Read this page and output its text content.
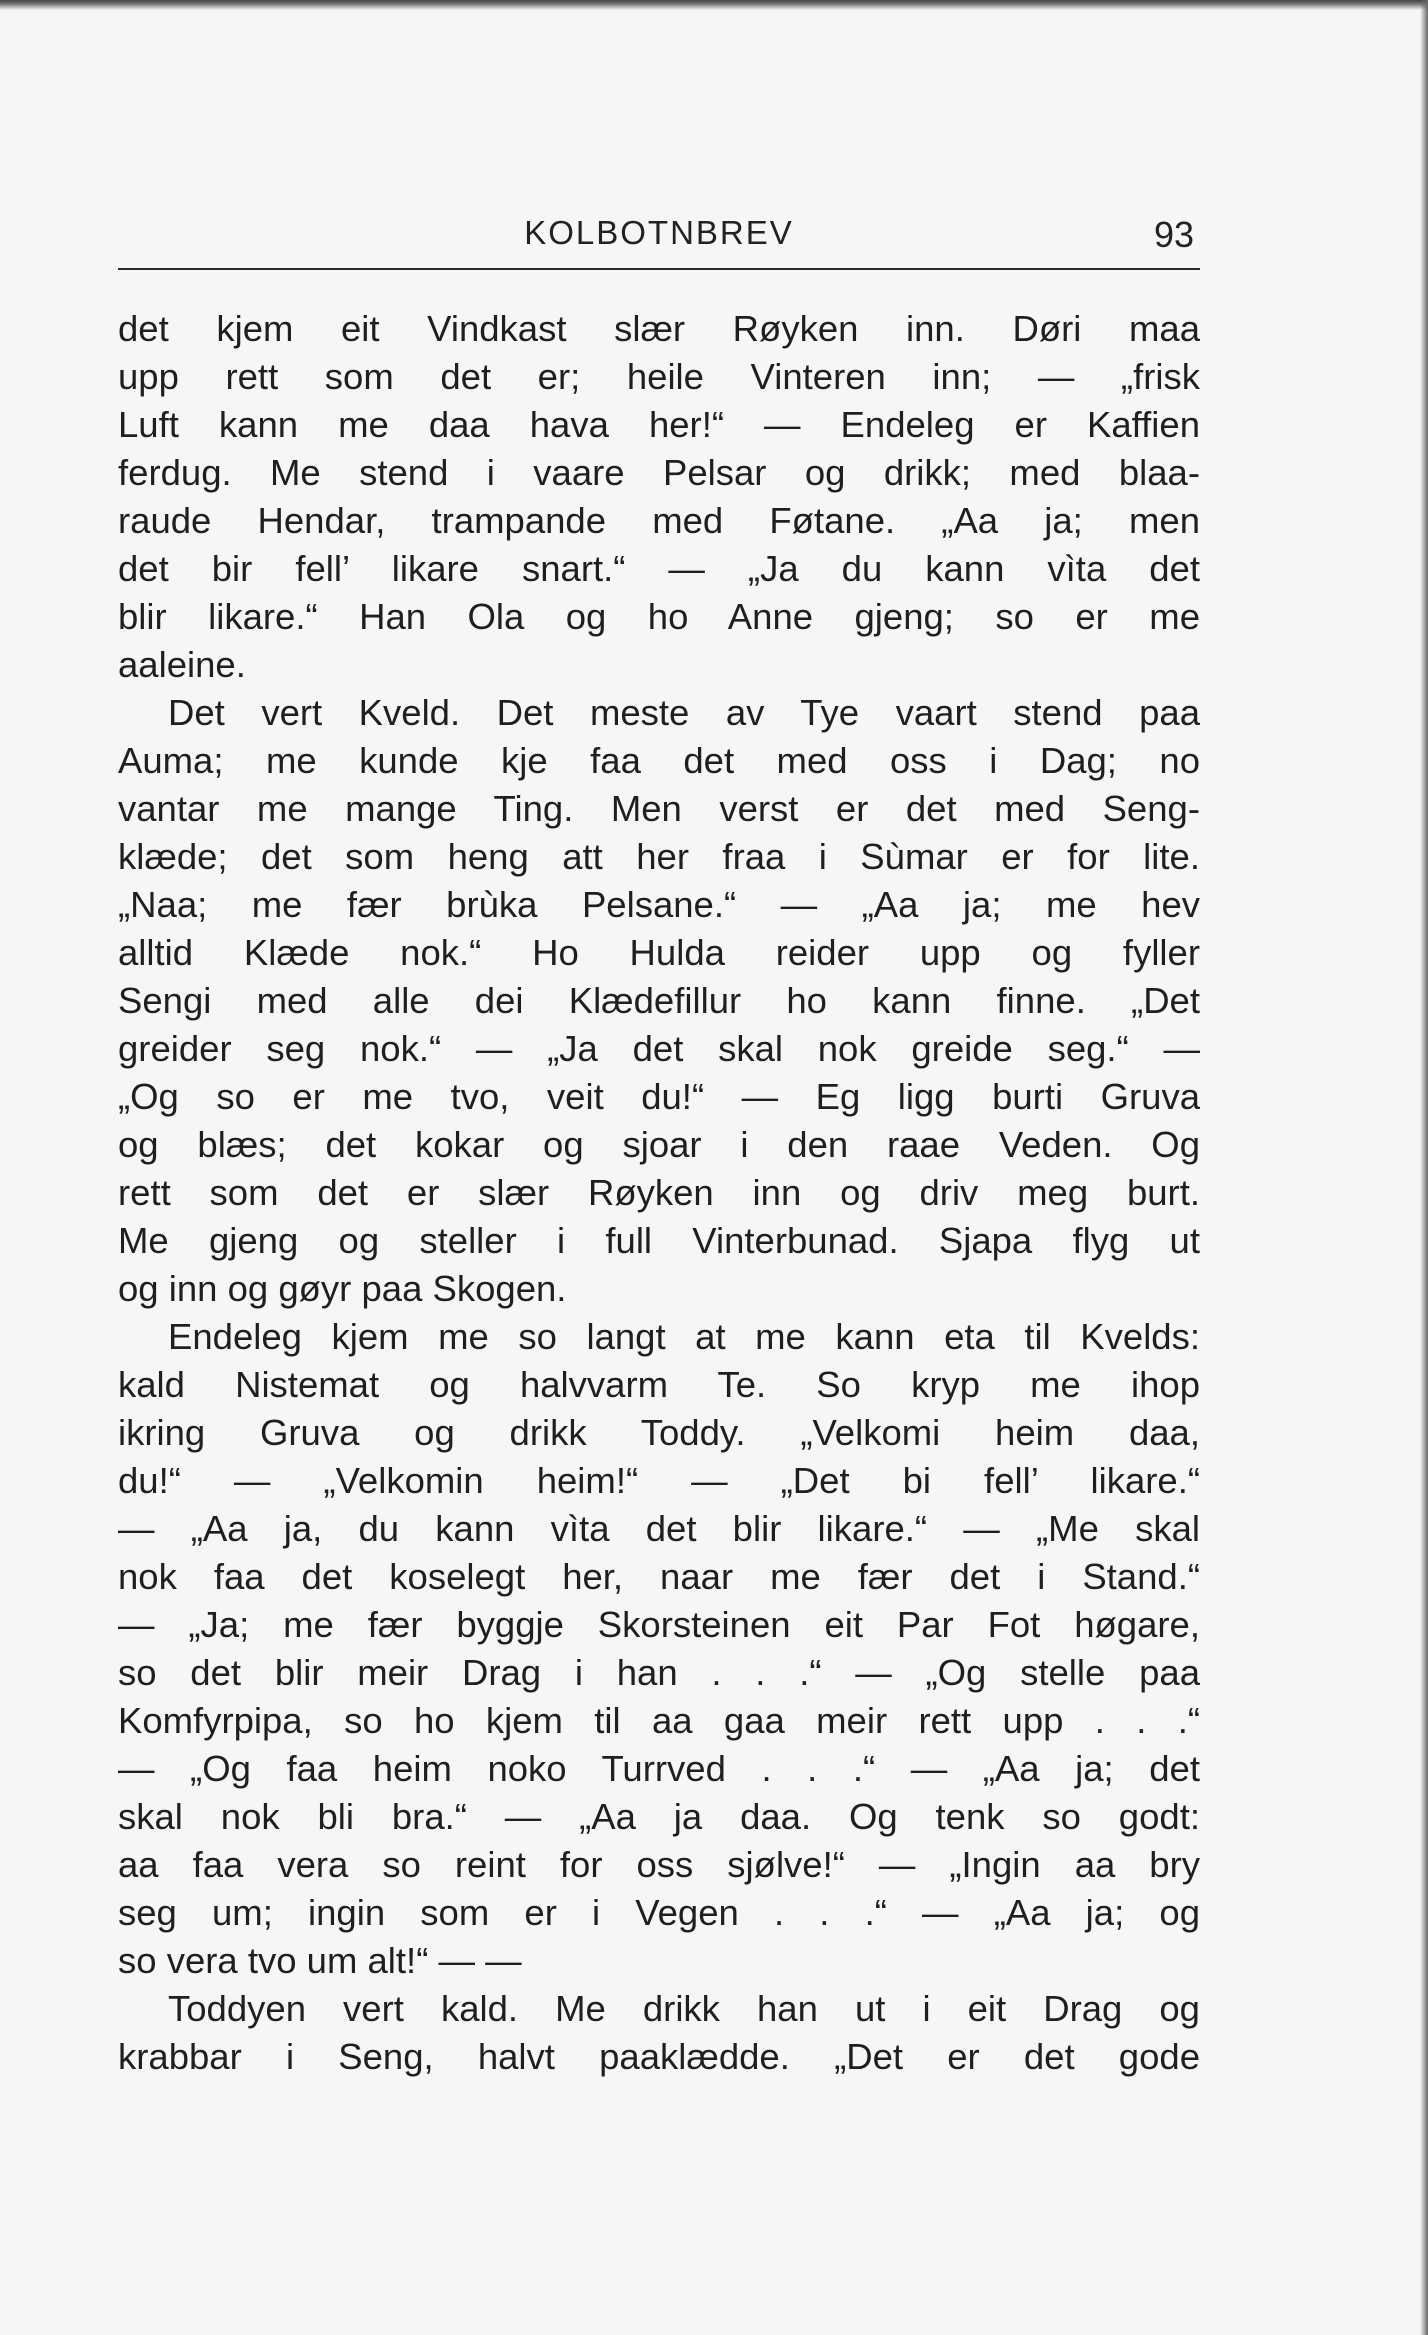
KOLBOTNBREV	93
det kjem eit Vindkast slær Røyken inn. Døri maa
upp rett som det er; heile Vinteren inn; — „frisk
Luft kann me daa hava her!“ — Endeleg er Kaffien
ferdug. Me stend i vaare Pelsar og drikk; med blaa-
raude Hendar, trampande med Føtane. „Aa ja; men
det bir fell’ likare snart.“ — „Ja du kann vìta det
blir likare.“ Han Ola og ho Anne gjeng; so er me
aaleine.
Det vert Kveld. Det meste av Tye vaart stend paa
Auma; me kunde kje faa det med oss i Dag; no
vantar me mange Ting. Men verst er det med Seng-
klæde; det som heng att her fraa i Sùmar er for lite.
„Naa; me fær brùka Pelsane.“ — „Aa ja; me hev
alltid Klæde nok.“ Ho Hulda reider upp og fyller
Sengi med alle dei Klædefillur ho kann finne. „Det
greider seg nok.“ — „Ja det skal nok greide seg.“ —
„Og so er me tvo, veit du!“ — Eg ligg burti Gruva
og blæs; det kokar og sjoar i den raae Veden. Og
rett som det er slær Røyken inn og driv meg burt.
Me gjeng og steller i full Vinterbunad. Sjapa flyg ut
og inn og gøyr paa Skogen.
Endeleg kjem me so langt at me kann eta til Kvelds:
kald Nistemat og halvvarm Te. So kryp me ihop
ikring Gruva og drikk Toddy. „Velkomi heim daa,
du!“ — „Velkomin heim!“ — „Det bi fell’ likare.“
— „Aa ja, du kann vìta det blir likare.“ — „Me skal
nok faa det koselegt her, naar me fær det i Stand.“
— „Ja; me fær byggje Skorsteinen eit Par Fot høgare,
so det blir meir Drag i han . . .“ — „Og stelle paa
Komfyrpipa, so ho kjem til aa gaa meir rett upp . . .“
— „Og faa heim noko Turrved . . .“ — „Aa ja; det
skal nok bli bra.“ — „Aa ja daa. Og tenk so godt:
aa faa vera so reint for oss sjølve!“ — „Ingin aa bry
seg um; ingin som er i Vegen . . .“ — „Aa ja; og
so vera tvo um alt!“ — —
Toddyen vert kald. Me drikk han ut i eit Drag og
krabbar i Seng, halvt paaklædde. „Det er det gode
